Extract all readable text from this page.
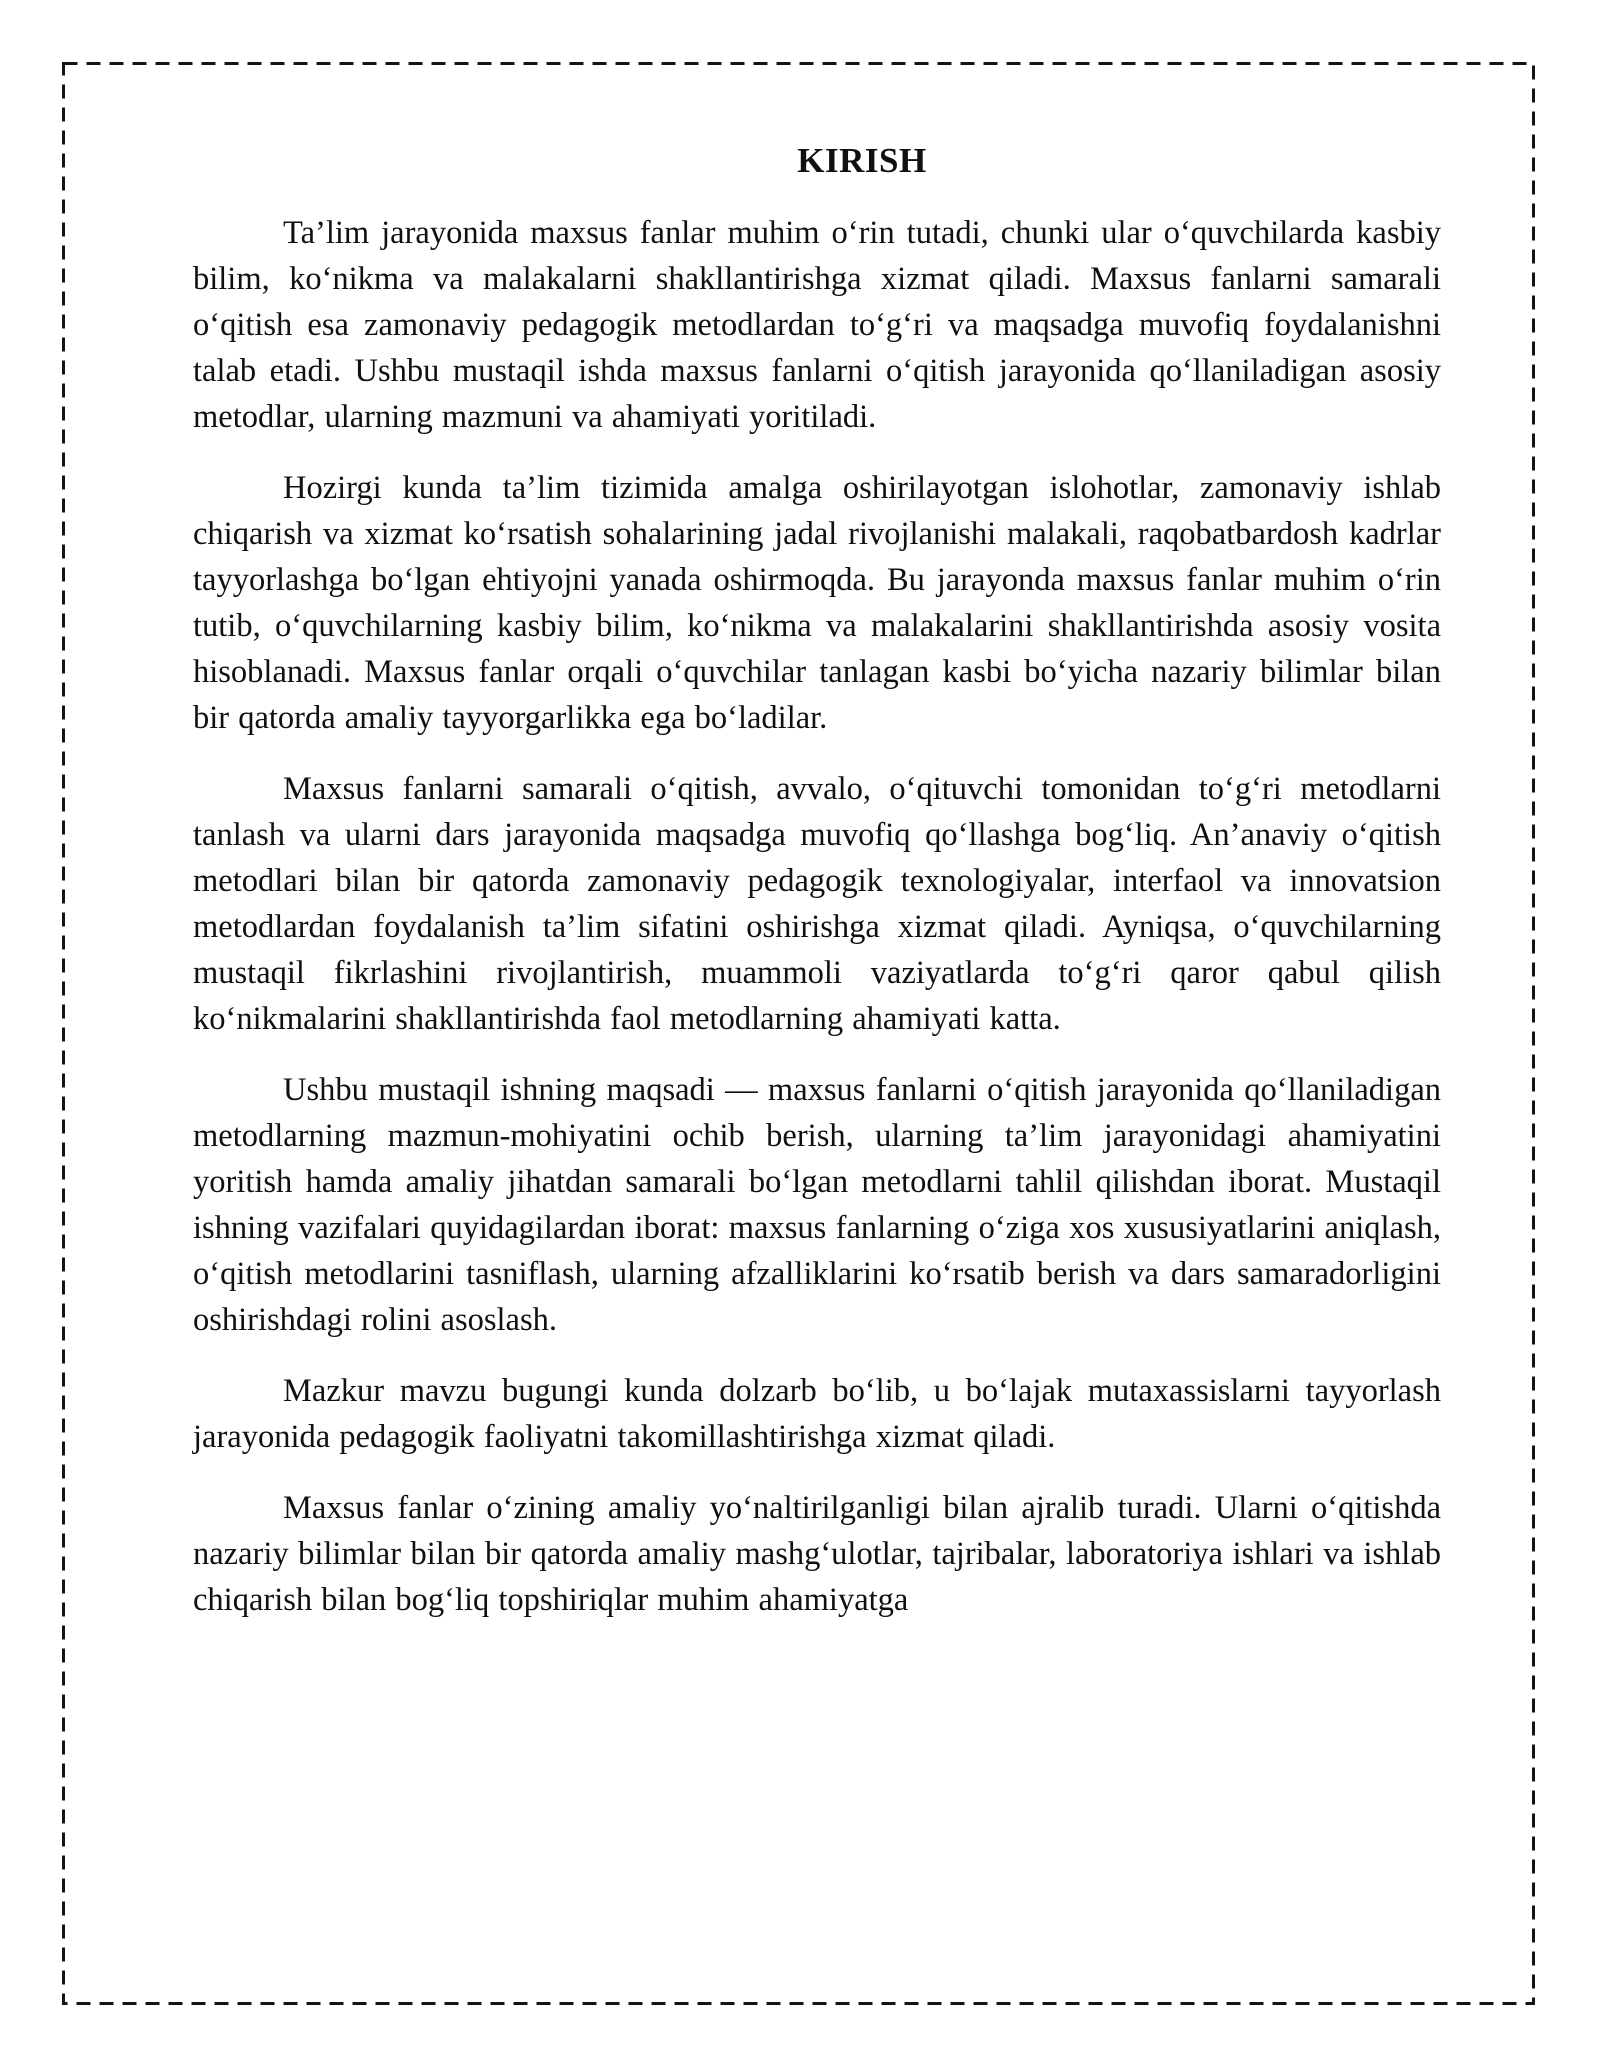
KIRISH

Ta’lim jarayonida maxsus fanlar muhim oʻrin tutadi, chunki ular oʻquvchilarda kasbiy bilim, koʻnikma va malakalarni shakllantirishga xizmat qiladi. Maxsus fanlarni samarali oʻqitish esa zamonaviy pedagogik metodlardan toʻgʻri va maqsadga muvofiq foydalanishni talab etadi. Ushbu mustaqil ishda maxsus fanlarni oʻqitish jarayonida qoʻllaniladigan asosiy metodlar, ularning mazmuni va ahamiyati yoritiladi.

Hozirgi kunda ta’lim tizimida amalga oshirilayotgan islohotlar, zamonaviy ishlab chiqarish va xizmat koʻrsatish sohalarining jadal rivojlanishi malakali, raqobatbardosh kadrlar tayyorlashga boʻlgan ehtiyojni yanada oshirmoqda. Bu jarayonda maxsus fanlar muhim oʻrin tutib, oʻquvchilarning kasbiy bilim, koʻnikma va malakalarini shakllantirishda asosiy vosita hisoblanadi. Maxsus fanlar orqali oʻquvchilar tanlagan kasbi boʻyicha nazariy bilimlar bilan bir qatorda amaliy tayyorgarlikka ega boʻladilar.

Maxsus fanlarni samarali oʻqitish, avvalo, oʻqituvchi tomonidan toʻgʻri metodlarni tanlash va ularni dars jarayonida maqsadga muvofiq qoʻllashga bogʻliq. An’anaviy oʻqitish metodlari bilan bir qatorda zamonaviy pedagogik texnologiyalar, interfaol va innovatsion metodlardan foydalanish ta’lim sifatini oshirishga xizmat qiladi. Ayniqsa, oʻquvchilarning mustaqil fikrlashini rivojlantirish, muammoli vaziyatlarda toʻgʻri qaror qabul qilish koʻnikmalarini shakllantirishda faol metodlarning ahamiyati katta.

Ushbu mustaqil ishning maqsadi — maxsus fanlarni oʻqitish jarayonida qoʻllaniladigan metodlarning mazmun-mohiyatini ochib berish, ularning ta’lim jarayonidagi ahamiyatini yoritish hamda amaliy jihatdan samarali boʻlgan metodlarni tahlil qilishdan iborat. Mustaqil ishning vazifalari quyidagilardan iborat: maxsus fanlarning oʻziga xos xususiyatlarini aniqlash, oʻqitish metodlarini tasniflash, ularning afzalliklarini koʻrsatib berish va dars samaradorligini oshirishdagi rolini asoslash.

Mazkur mavzu bugungi kunda dolzarb boʻlib, u boʻlajak mutaxassislarni tayyorlash jarayonida pedagogik faoliyatni takomillashtirishga xizmat qiladi.

Maxsus fanlar oʻzining amaliy yoʻnaltirilganligi bilan ajralib turadi. Ularni oʻqitishda nazariy bilimlar bilan bir qatorda amaliy mashgʻulotlar, tajribalar, laboratoriya ishlari va ishlab chiqarish bilan bogʻliq topshiriqlar muhim ahamiyatga
